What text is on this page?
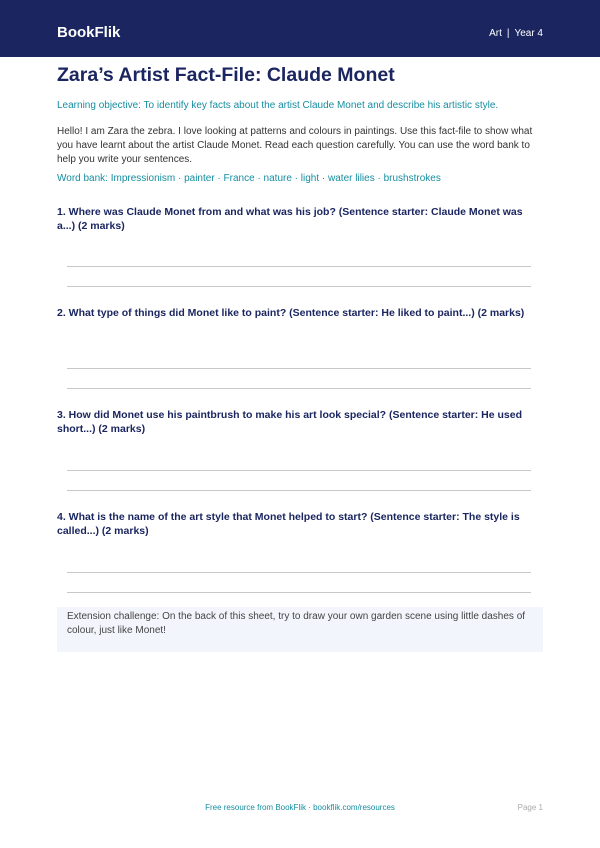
BookFlik	Art | Year 4
Zara’s Artist Fact-File: Claude Monet
Learning objective: To identify key facts about the artist Claude Monet and describe his artistic style.
Hello! I am Zara the zebra. I love looking at patterns and colours in paintings. Use this fact-file to show what you have learnt about the artist Claude Monet. Read each question carefully. You can use the word bank to help you write your sentences.
Word bank: Impressionism · painter · France · nature · light · water lilies · brushstrokes
1. Where was Claude Monet from and what was his job? (Sentence starter: Claude Monet was a...) (2 marks)
2. What type of things did Monet like to paint? (Sentence starter: He liked to paint...) (2 marks)
3. How did Monet use his paintbrush to make his art look special? (Sentence starter: He used short...) (2 marks)
4. What is the name of the art style that Monet helped to start? (Sentence starter: The style is called...) (2 marks)
Extension challenge: On the back of this sheet, try to draw your own garden scene using little dashes of colour, just like Monet!
Free resource from BookFlik · bookflik.com/resources	Page 1
